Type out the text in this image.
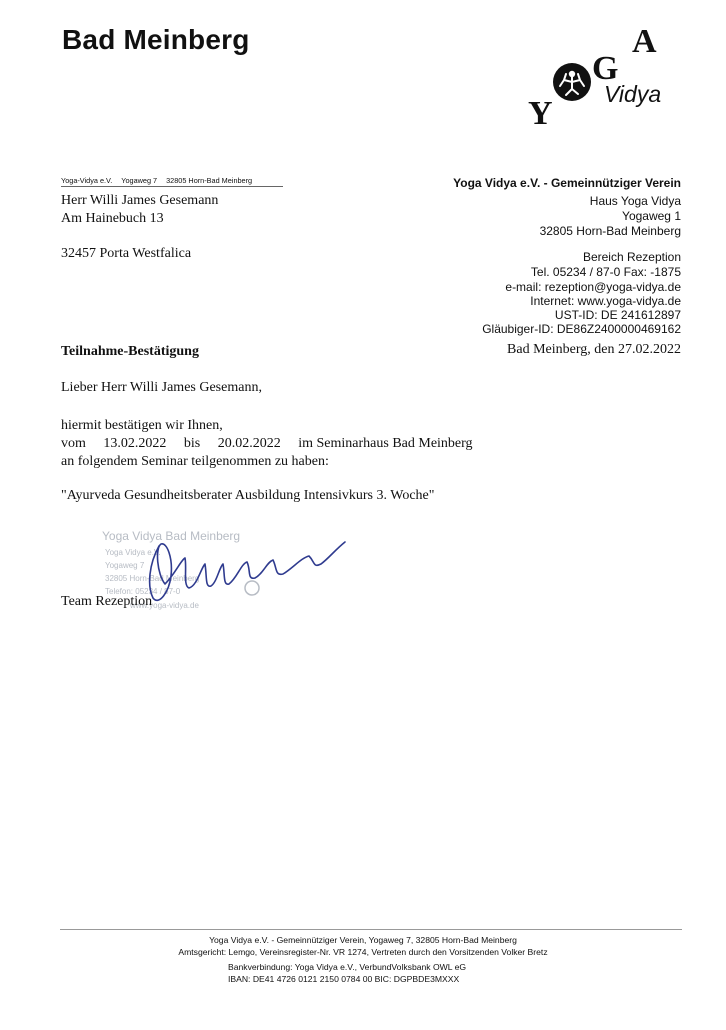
Bad Meinberg
Y
G
A
Vidya
Yoga-Vidya e.V. Yogaweg 7 32805 Horn-Bad Meinberg
Herr Willi James Gesemann
Am Hainebuch 13
32457 Porta Westfalica
Yoga Vidya e.V. - Gemeinnütziger Verein
Haus Yoga Vidya
Yogaweg 1
32805 Horn-Bad Meinberg
Bereich Rezeption
Tel. 05234 / 87-0 Fax: -1875
e-mail: rezeption@yoga-vidya.de
Internet: www.yoga-vidya.de
UST-ID: DE 241612897
Gläubiger-ID: DE86Z2400000469162
Bad Meinberg, den 27.02.2022
Teilnahme-Bestätigung
Lieber Herr Willi James Gesemann,
hiermit bestätigen wir Ihnen,
vom 13.02.2022 bis 20.02.2022 im Seminarhaus Bad Meinberg
an folgendem Seminar teilgenommen zu haben:
"Ayurveda Gesundheitsberater Ausbildung Intensivkurs 3. Woche"
Yoga Vidya Bad Meinberg
Yoga Vidya e.V.
Yogaweg 7
32805 Horn-Bad Meinberg
Telefon: 05234 / 87-0
www.yoga-vidya.de
Team Rezeption
Yoga Vidya e.V. - Gemeinnütziger Verein, Yogaweg 7, 32805 Horn-Bad Meinberg
Amtsgericht: Lemgo, Vereinsregister-Nr. VR 1274, Vertreten durch den Vorsitzenden Volker Bretz
Bankverbindung: Yoga Vidya e.V., VerbundVolksbank OWL eG
IBAN: DE41 4726 0121 2150 0784 00 BIC: DGPBDE3MXXX
